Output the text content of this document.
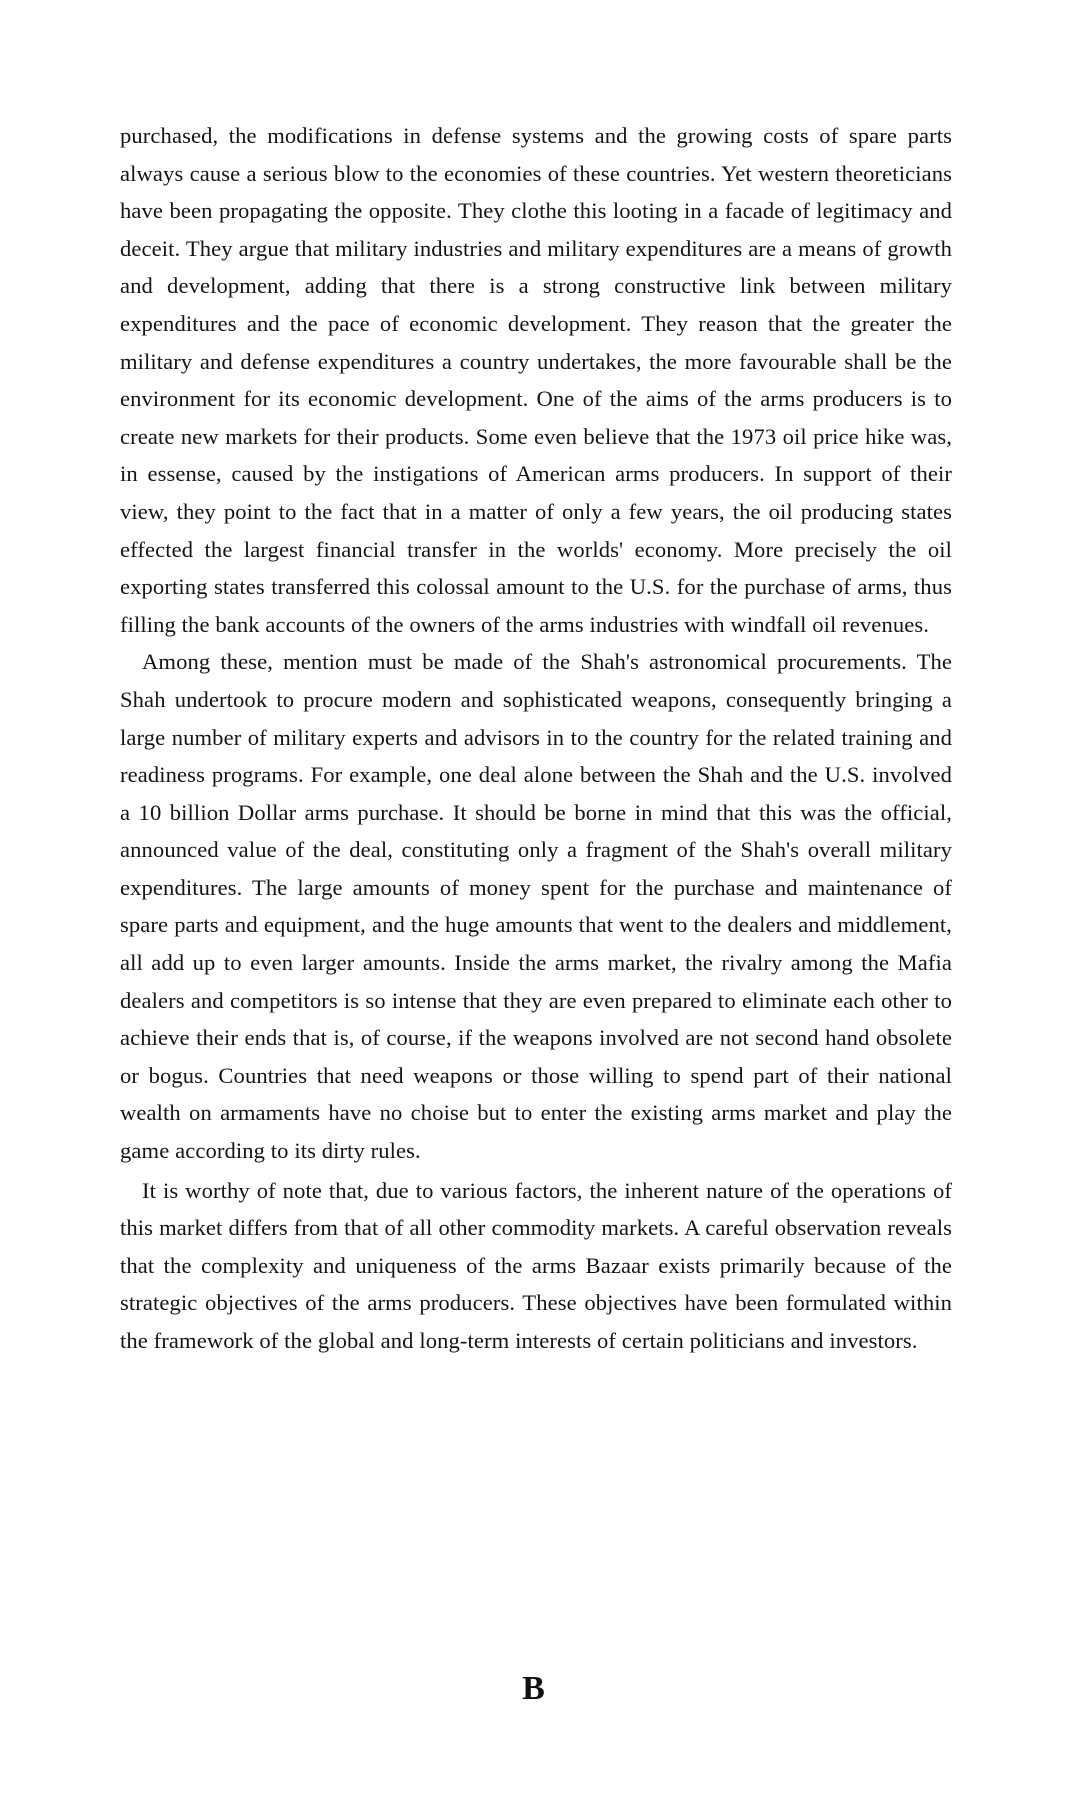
purchased, the modifications in defense systems and the growing costs of spare parts always cause a serious blow to the economies of these countries. Yet western theoreticians have been propagating the opposite. They clothe this looting in a facade of legitimacy and deceit. They argue that military industries and military expenditures are a means of growth and development, adding that there is a strong constructive link between military expenditures and the pace of economic development. They reason that the greater the military and defense expenditures a country undertakes, the more favourable shall be the environment for its economic development. One of the aims of the arms producers is to create new markets for their products. Some even believe that the 1973 oil price hike was, in essense, caused by the instigations of American arms producers. In support of their view, they point to the fact that in a matter of only a few years, the oil producing states effected the largest financial transfer in the worlds' economy. More precisely the oil exporting states transferred this colossal amount to the U.S. for the purchase of arms, thus filling the bank accounts of the owners of the arms industries with windfall oil revenues.

Among these, mention must be made of the Shah's astronomical procurements. The Shah undertook to procure modern and sophisticated weapons, consequently bringing a large number of military experts and advisors in to the country for the related training and readiness programs. For example, one deal alone between the Shah and the U.S. involved a 10 billion Dollar arms purchase. It should be borne in mind that this was the official, announced value of the deal, constituting only a fragment of the Shah's overall military expenditures. The large amounts of money spent for the purchase and maintenance of spare parts and equipment, and the huge amounts that went to the dealers and middlement, all add up to even larger amounts. Inside the arms market, the rivalry among the Mafia dealers and competitors is so intense that they are even prepared to eliminate each other to achieve their ends that is, of course, if the weapons involved are not second hand obsolete or bogus. Countries that need weapons or those willing to spend part of their national wealth on armaments have no choise but to enter the existing arms market and play the game according to its dirty rules.

It is worthy of note that, due to various factors, the inherent nature of the operations of this market differs from that of all other commodity markets. A careful observation reveals that the complexity and uniqueness of the arms Bazaar exists primarily because of the strategic objectives of the arms producers. These objectives have been formulated within the framework of the global and long-term interests of certain politicians and investors.

B
